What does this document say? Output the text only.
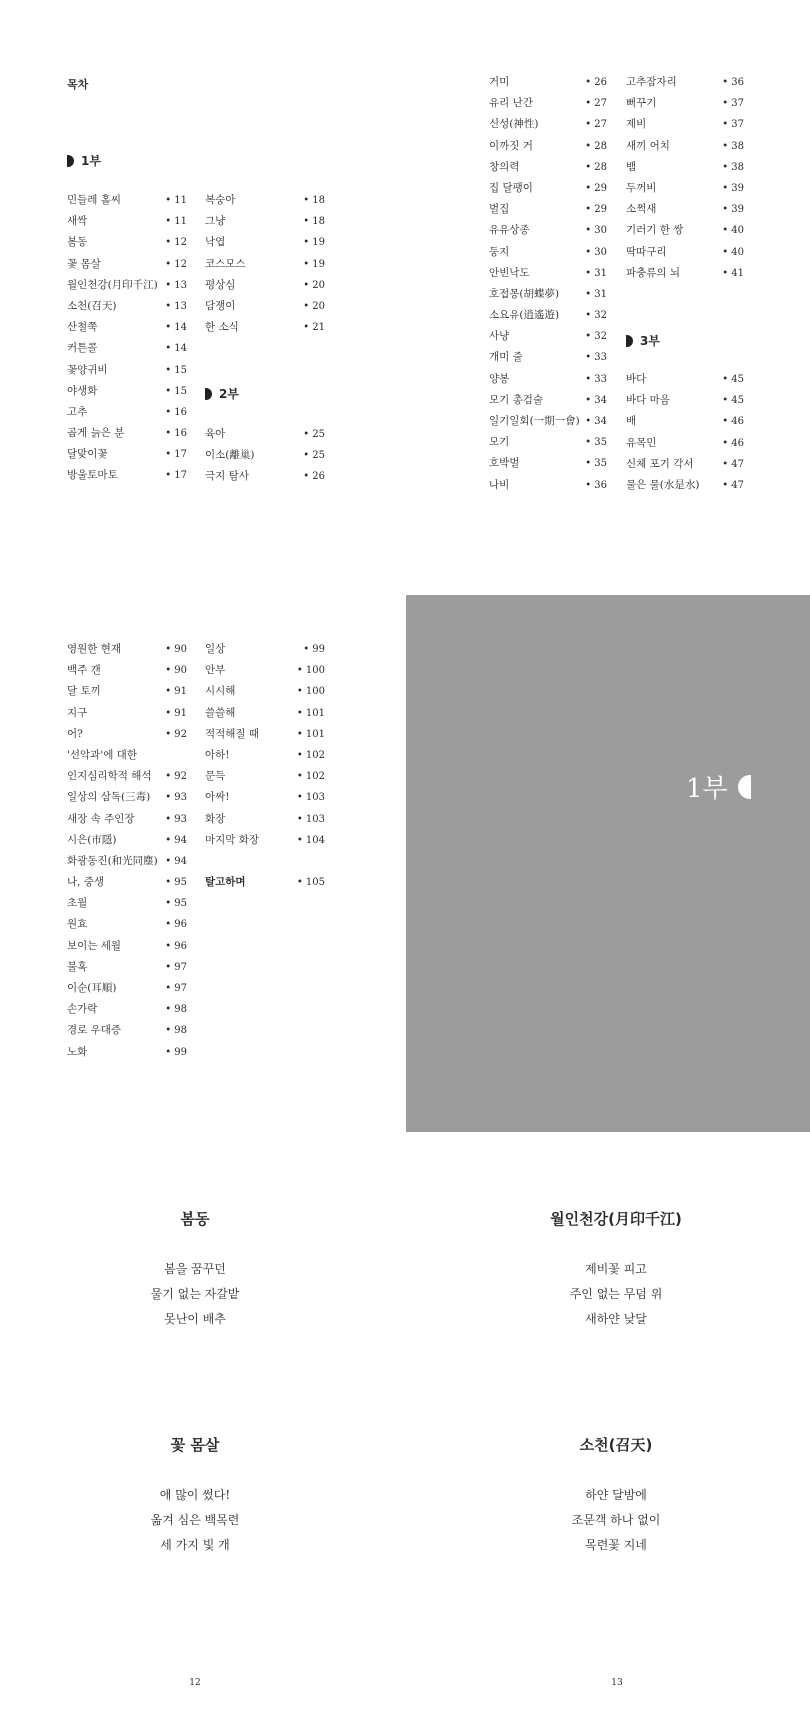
목차
1부
민들레 홀씨	• 11
새싹	• 11
봄동	• 12
꽃 몸살	• 12
월인천강(月印千江) • 13
소천(召天)	• 13
산철쭉	• 14
커튼콜	• 14
꽃양귀비	• 15
야생화	• 15
고추	• 16
곱게 늙은 분	• 16
달맞이꽃	• 17
방울토마토	• 17
복숭아	• 18
그냥	• 18
낙엽	• 19
코스모스	• 19
평상심	• 20
담쟁이	• 20
한 소식	• 21
2부
육아	• 25
이소(離巢)	• 25
극지 탐사	• 26
거미	• 26
유리 난간	• 27
신성(神性)	• 27
이까짓 거	• 28
창의력	• 28
집 달팽이	• 29
벌집	• 29
유유상종	• 30
둥지	• 30
안빈낙도	• 31
호접몽(胡蝶夢)	• 31
소요유(逍遙遊)	• 32
사냥	• 32
개미 줄	• 33
양봉	• 33
모기 총검술	• 34
일기일회(一期一會) • 34
모기	• 35
호박벌	• 35
나비	• 36
고추잠자리	• 36
뻐꾸기	• 37
제비	• 37
새끼 어치	• 38
뱀	• 38
두꺼비	• 39
소쩍새	• 39
기러기 한 쌍	• 40
딱따구리	• 40
파충류의 뇌	• 41
3부
바다	• 45
바다 마음	• 45
배	• 46
유목민	• 46
신체 포기 각서	• 47
물은 물(水是水) • 47
영원한 현재	• 90
백주 갠	• 90
달 토끼	• 91
지구	• 91
어?	• 92
'선악과'에 대한
인지심리학적 해석 • 92
일상의 삼독(三毒) • 93
새장 속 주인장	• 93
시은(市隱)	• 94
화광동진(和光同塵) • 94
나, 중생	• 95
초월	• 95
원효	• 96
보이는 세월	• 96
불혹	• 97
이순(耳順)	• 97
손가락	• 98
경로 우대증	• 98
노화	• 99
일상	• 99
안부	• 100
시시해	• 100
쓸쓸해	• 101
적적해질 때	• 101
아하!	• 102
문득	• 102
아싸!	• 103
화장	• 103
마지막 화장	• 104
탈고하며	• 105
1부
봄동
봄을 꿈꾸던
물기 없는 자갈밭
못난이 배추
월인천강(月印千江)
제비꽃 피고
주인 없는 무덤 위
새하얀 낮달
꽃 몸살
애 많이 썼다!
옮겨 심은 백목련
세 가지 빛 개
소천(召天)
하얀 달밤에
조문객 하나 없이
목련꽃 지네
12	13
